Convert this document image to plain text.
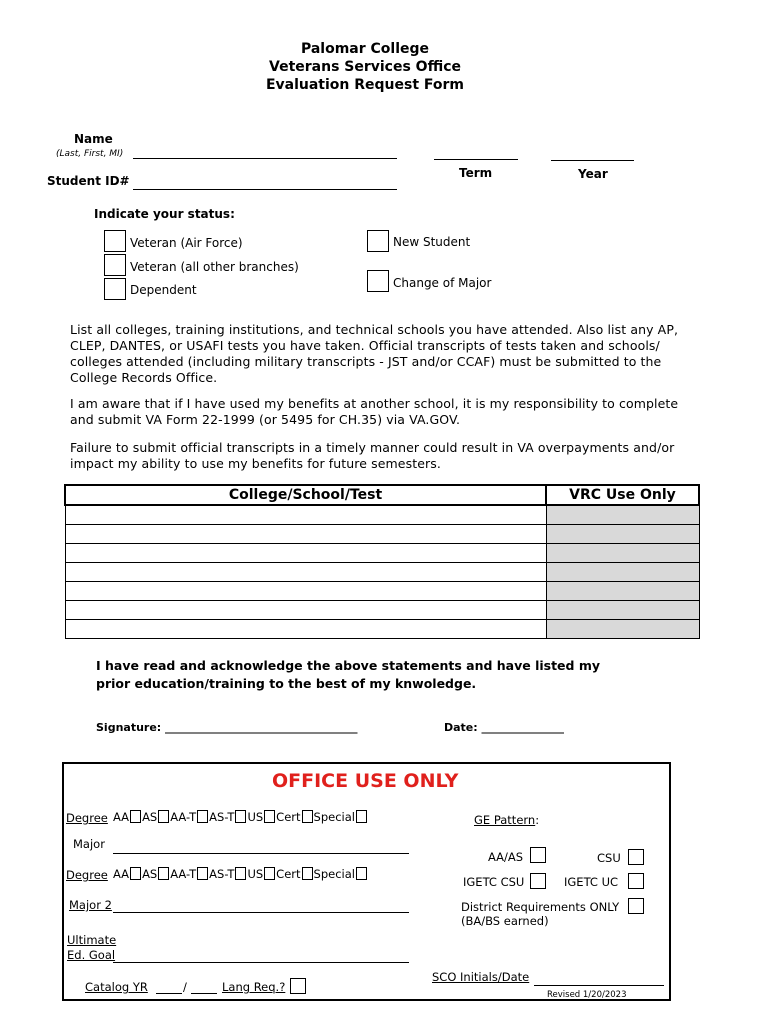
Palomar College
Veterans Services Office
Evaluation Request Form
Name
(Last, First, MI)
Student ID#
Term	Year
Indicate your status:
Veteran (Air Force)
Veteran (all other branches)
Dependent
New Student
Change of Major
List all colleges, training institutions, and technical schools you have attended. Also list any AP, CLEP, DANTES, or USAFI tests you have taken. Official transcripts of tests taken and schools/ colleges attended (including military transcripts - JST and/or CCAF) must be submitted to the College Records Office.
I am aware that if I have used my benefits at another school, it is my responsibility to complete and submit VA Form 22-1999 (or 5495 for CH.35) via VA.GOV.
Failure to submit official transcripts in a timely manner could result in VA overpayments and/or impact my ability to use my benefits for future semesters.
College/School/Test	VRC Use Only

I have read and acknowledge the above statements and have listed my
prior education/training to the best of my knwoledge.
Signature: ___________________________________	Date: _______________
OFFICE USE ONLY
Degree AA AS AA-T AS-T US Cert Special
Major
Degree AA AS AA-T AS-T US Cert Special
Major 2
Ultimate
Ed. Goal
Catalog YR	/	Lang Req.?
GE Pattern:
AA/AS	CSU
IGETC CSU	IGETC UC
District Requirements ONLY
(BA/BS earned)
SCO Initials/Date
Revised 1/20/2023
